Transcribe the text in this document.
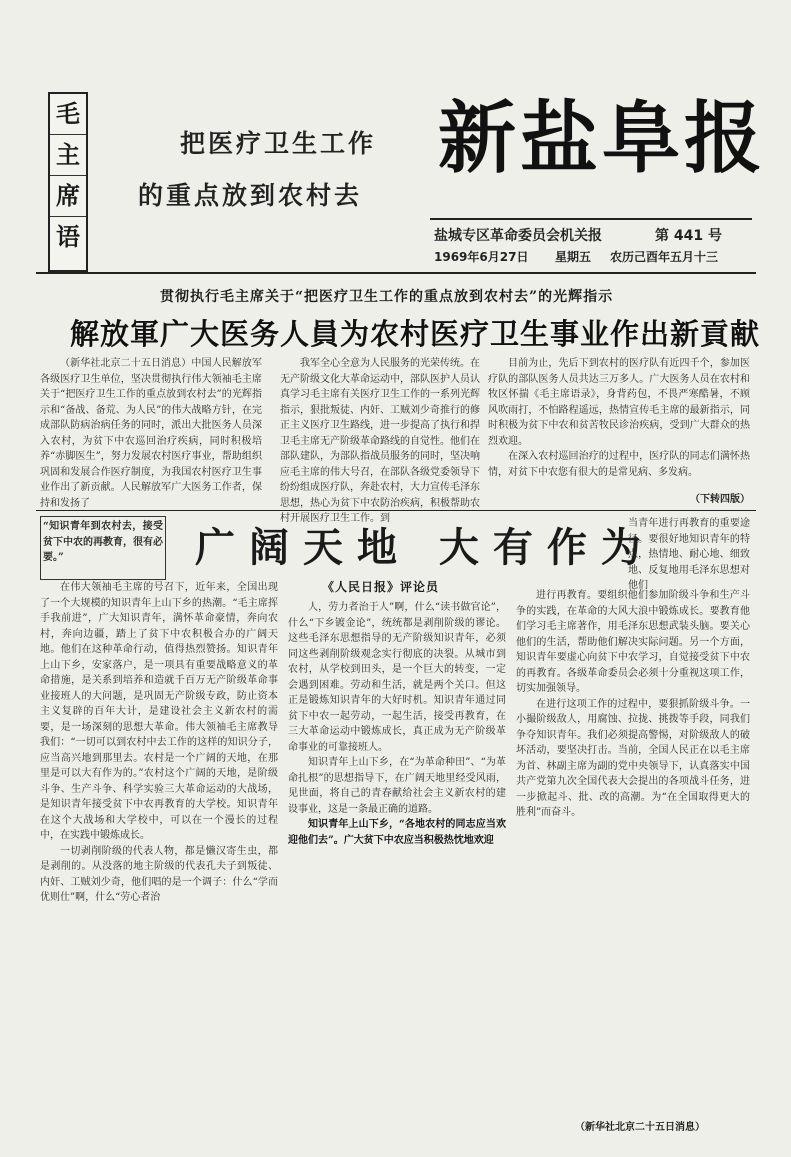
毛
主
席
语
把医疗卫生工作
的重点放到农村去
新盐阜报
盐城专区革命委员会机关报	第 441 号
1969年6月27日 星期五 农历己酉年五月十三
贯彻执行毛主席关于“把医疗卫生工作的重点放到农村去”的光辉指示
解放軍广大医务人員为农村医疗卫生事业作出新貢献

（新华社北京二十五日消息）中国人民解放军各级医疗卫生单位，坚决贯彻执行伟大领袖毛主席关于“把医疗卫生工作的重点放到农村去”的光辉指示和“备战、备荒、为人民”的伟大战略方针，在完成部队防病治病任务的同时，派出大批医务人员深入农村，为贫下中农巡回治疗疾病，同时积极培养“赤脚医生”，努力发展农村医疗事业，帮助组织巩固和发展合作医疗制度，为我国农村医疗卫生事业作出了新贡献。人民解放军广大医务工作者，保持和发扬了

我军全心全意为人民服务的光荣传统。在无产阶级文化大革命运动中，部队医护人员认真学习毛主席有关医疗卫生工作的一系列光辉指示，狠批叛徒、内奸、工贼刘少奇推行的修正主义医疗卫生路线，进一步提高了执行和捍卫毛主席无产阶级革命路线的自觉性。他们在部队建队，为部队指战员服务的同时，坚决响应毛主席的伟大号召，在部队各级党委领导下纷纷组成医疗队，奔赴农村，大力宣传毛泽东思想，热心为贫下中农防治疾病，积极帮助农村开展医疗卫生工作。到

目前为止，先后下到农村的医疗队有近四千个，参加医疗队的部队医务人员共达三万多人。广大医务人员在农村和牧区怀揣《毛主席语录》，身背药包，不畏严寒酷暑，不顾风吹雨打，不怕路程遥远，热情宣传毛主席的最新指示，同时积极为贫下中农和贫苦牧民诊治疾病，受到广大群众的热烈欢迎。

在深入农村巡回治疗的过程中，医疗队的同志们满怀热情，对贫下中农您有很大的是常见病、多发病。

（下转四版）

“知识青年到农村去，接受贫下中农的再教育，很有必要。”	广阔天地 大有作为
《人民日报》评论员

当青年进行再教育的重要途径。要很好地知识青年的特点，热情地、耐心地、细致地、反复地用毛泽东思想对他们

在伟大领袖毛主席的号召下，近年来，全国出现了一个大规模的知识青年上山下乡的热潮。“毛主席挥手我前进”，广大知识青年，满怀革命豪情，奔向农村，奔向边疆，踏上了贫下中农积极合办的广阔天地。他们在这种革命行动，值得热烈赞扬。知识青年上山下乡，安家落户，是一项具有重要战略意义的革命措施，是关系到培养和造就千百万无产阶级革命事业接班人的大问题，是巩固无产阶级专政，防止资本主义复辟的百年大计，是建设社会主义新农村的需要，是一场深刻的思想大革命。伟大领袖毛主席教导我们：“一切可以到农村中去工作的这样的知识分子，应当高兴地到那里去。农村是一个广阔的天地，在那里是可以大有作为的。”农村这个广阔的天地，是阶级斗争、生产斗争、科学实验三大革命运动的大战场，是知识青年接受贫下中农再教育的大学校。知识青年在这个大战场和大学校中，可以在一个漫长的过程中，在实践中锻炼成长。

一切剥削阶级的代表人物，都是懒汉寄生虫，都是剥削的。从没落的地主阶级的代表孔夫子到叛徒、内奸、工贼刘少奇，他们唱的是一个调子：什么“学而优则仕”啊，什么“劳心者治

人，劳力者治于人”啊，什么“读书做官论”，什么“下乡镀金论”，统统都是剥削阶级的谬论。这些毛泽东思想指导的无产阶级知识青年，必须同这些剥削阶级观念实行彻底的决裂。从城市到农村，从学校到田头，是一个巨大的转变，一定会遇到困难。劳动和生活，就是两个关口。但这正是锻炼知识青年的大好时机。知识青年通过同贫下中农一起劳动，一起生活，接受再教育，在三大革命运动中锻炼成长，真正成为无产阶级革命事业的可靠接班人。

知识青年上山下乡，在“为革命种田”、“为革命扎根”的思想指导下，在广阔天地里经受风雨，见世面，将自己的青春献给社会主义新农村的建设事业，这是一条最正确的道路。

知识青年上山下乡，“各地农村的同志应当欢迎他们去”。广大贫下中农应当积极热忱地欢迎

进行再教育。要组织他们参加阶级斗争和生产斗争的实践，在革命的大风大浪中锻炼成长。要教育他们学习毛主席著作，用毛泽东思想武装头脑。要关心他们的生活，帮助他们解决实际问题。另一个方面，知识青年要虚心向贫下中农学习，自觉接受贫下中农的再教育。各级革命委员会必须十分重视这项工作，切实加强领导。

在进行这项工作的过程中，要狠抓阶级斗争。一小撮阶级敌人，用腐蚀、拉拢、挑拨等手段，同我们争夺知识青年。我们必须提高警惕，对阶级敌人的破坏活动，要坚决打击。当前，全国人民正在以毛主席为首、林副主席为副的党中央领导下，认真落实中国共产党第九次全国代表大会提出的各项战斗任务，进一步掀起斗、批、改的高潮。为“在全国取得更大的胜利”而奋斗。

（新华社北京二十五日消息）
